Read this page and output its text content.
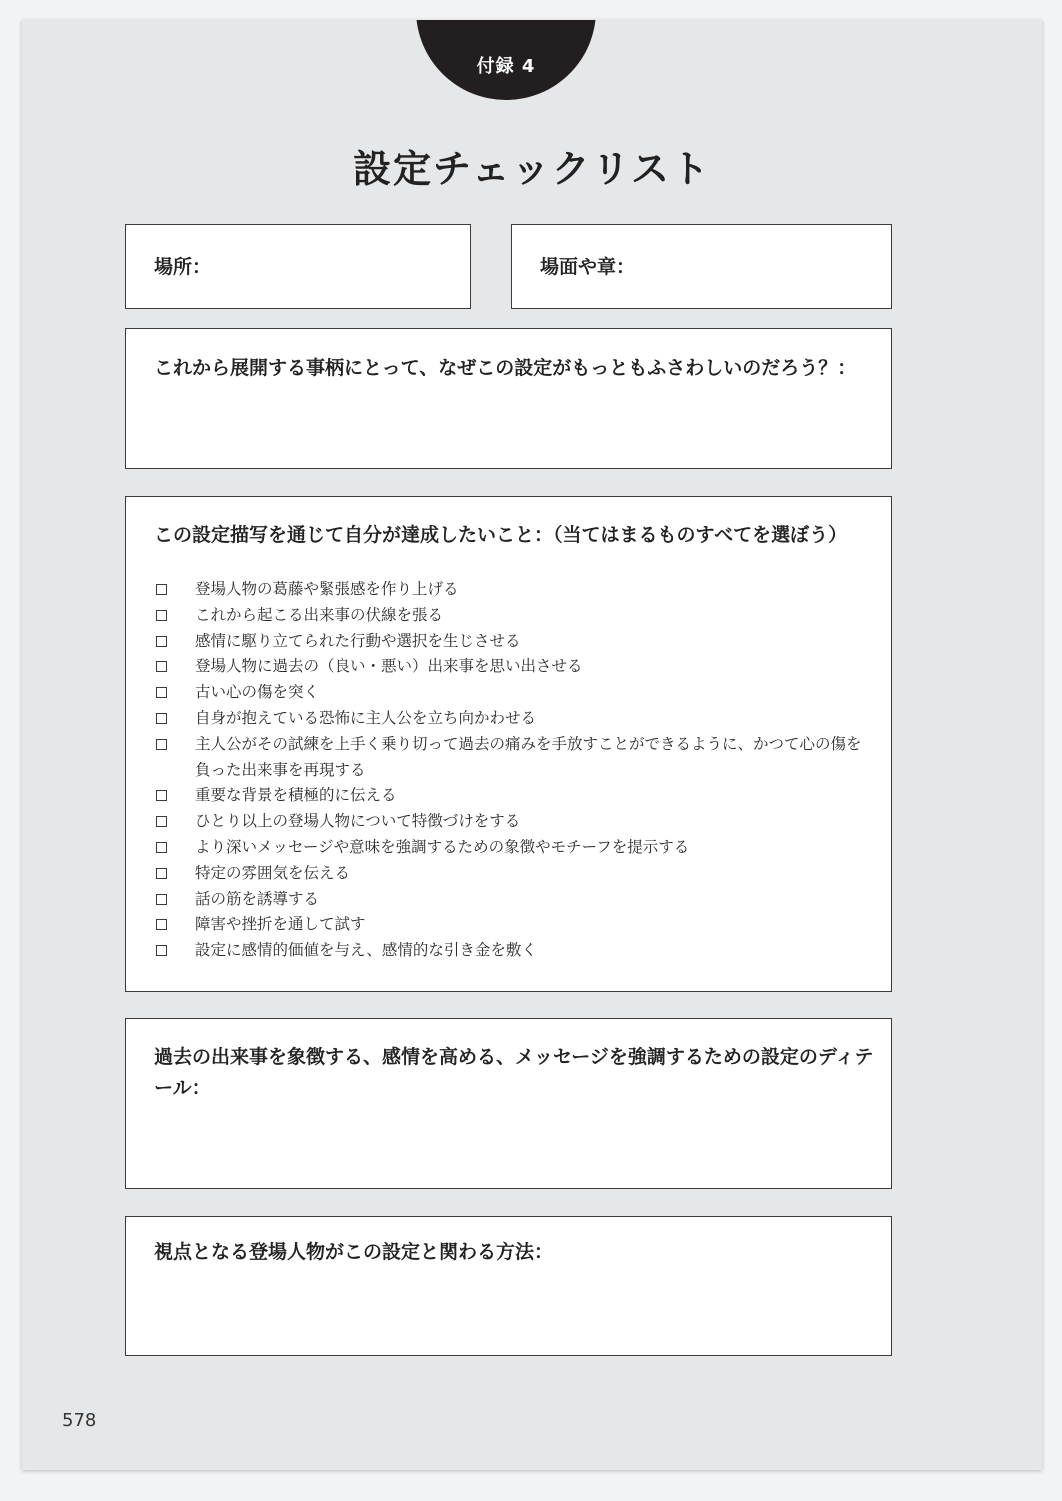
付録 4
設定チェックリスト
場所：	場面や章：
これから展開する事柄にとって、なぜこの設定がもっともふさわしいのだろう？：
この設定描写を通じて自分が達成したいこと：（当てはまるものすべてを選ぼう）
登場人物の葛藤や緊張感を作り上げる
これから起こる出来事の伏線を張る
感情に駆り立てられた行動や選択を生じさせる
登場人物に過去の（良い・悪い）出来事を思い出させる
古い心の傷を突く
自身が抱えている恐怖に主人公を立ち向かわせる
主人公がその試練を上手く乗り切って過去の痛みを手放すことができるように、かつて心の傷を負った出来事を再現する
重要な背景を積極的に伝える
ひとり以上の登場人物について特徴づけをする
より深いメッセージや意味を強調するための象徴やモチーフを提示する
特定の雰囲気を伝える
話の筋を誘導する
障害や挫折を通して試す
設定に感情的価値を与え、感情的な引き金を敷く
過去の出来事を象徴する、感情を高める、メッセージを強調するための設定のディテール：
視点となる登場人物がこの設定と関わる方法：
578
